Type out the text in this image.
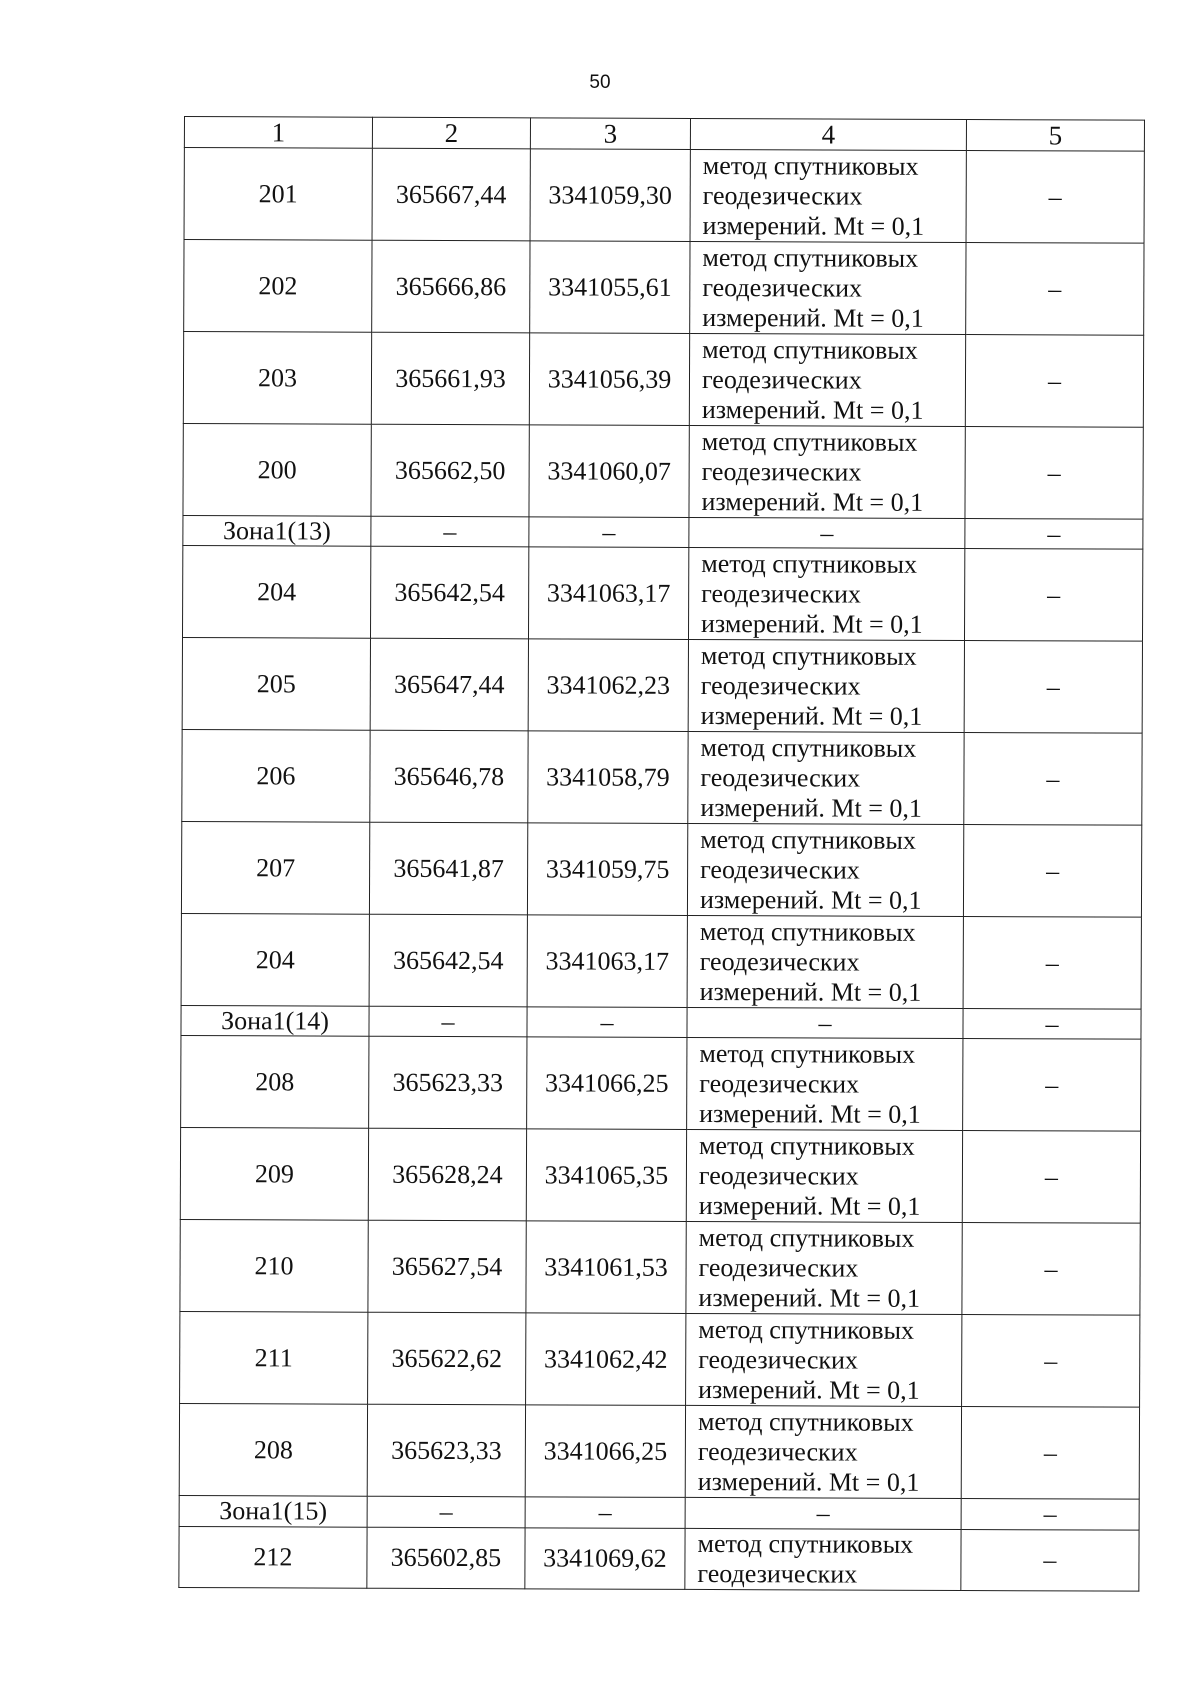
50
1	2	3	4	5
201	365667,44	3341059,30	метод спутниковых
геодезических
измерений. Mt = 0,1	–
202	365666,86	3341055,61	метод спутниковых
геодезических
измерений. Mt = 0,1	–
203	365661,93	3341056,39	метод спутниковых
геодезических
измерений. Mt = 0,1	–
200	365662,50	3341060,07	метод спутниковых
геодезических
измерений. Mt = 0,1	–
Зона1(13)	–	–	–	–
204	365642,54	3341063,17	метод спутниковых
геодезических
измерений. Mt = 0,1	–
205	365647,44	3341062,23	метод спутниковых
геодезических
измерений. Mt = 0,1	–
206	365646,78	3341058,79	метод спутниковых
геодезических
измерений. Mt = 0,1	–
207	365641,87	3341059,75	метод спутниковых
геодезических
измерений. Mt = 0,1	–
204	365642,54	3341063,17	метод спутниковых
геодезических
измерений. Mt = 0,1	–
Зона1(14)	–	–	–	–
208	365623,33	3341066,25	метод спутниковых
геодезических
измерений. Mt = 0,1	–
209	365628,24	3341065,35	метод спутниковых
геодезических
измерений. Mt = 0,1	–
210	365627,54	3341061,53	метод спутниковых
геодезических
измерений. Mt = 0,1	–
211	365622,62	3341062,42	метод спутниковых
геодезических
измерений. Mt = 0,1	–
208	365623,33	3341066,25	метод спутниковых
геодезических
измерений. Mt = 0,1	–
Зона1(15)	–	–	–	–
212	365602,85	3341069,62	метод спутниковых
геодезических	–
